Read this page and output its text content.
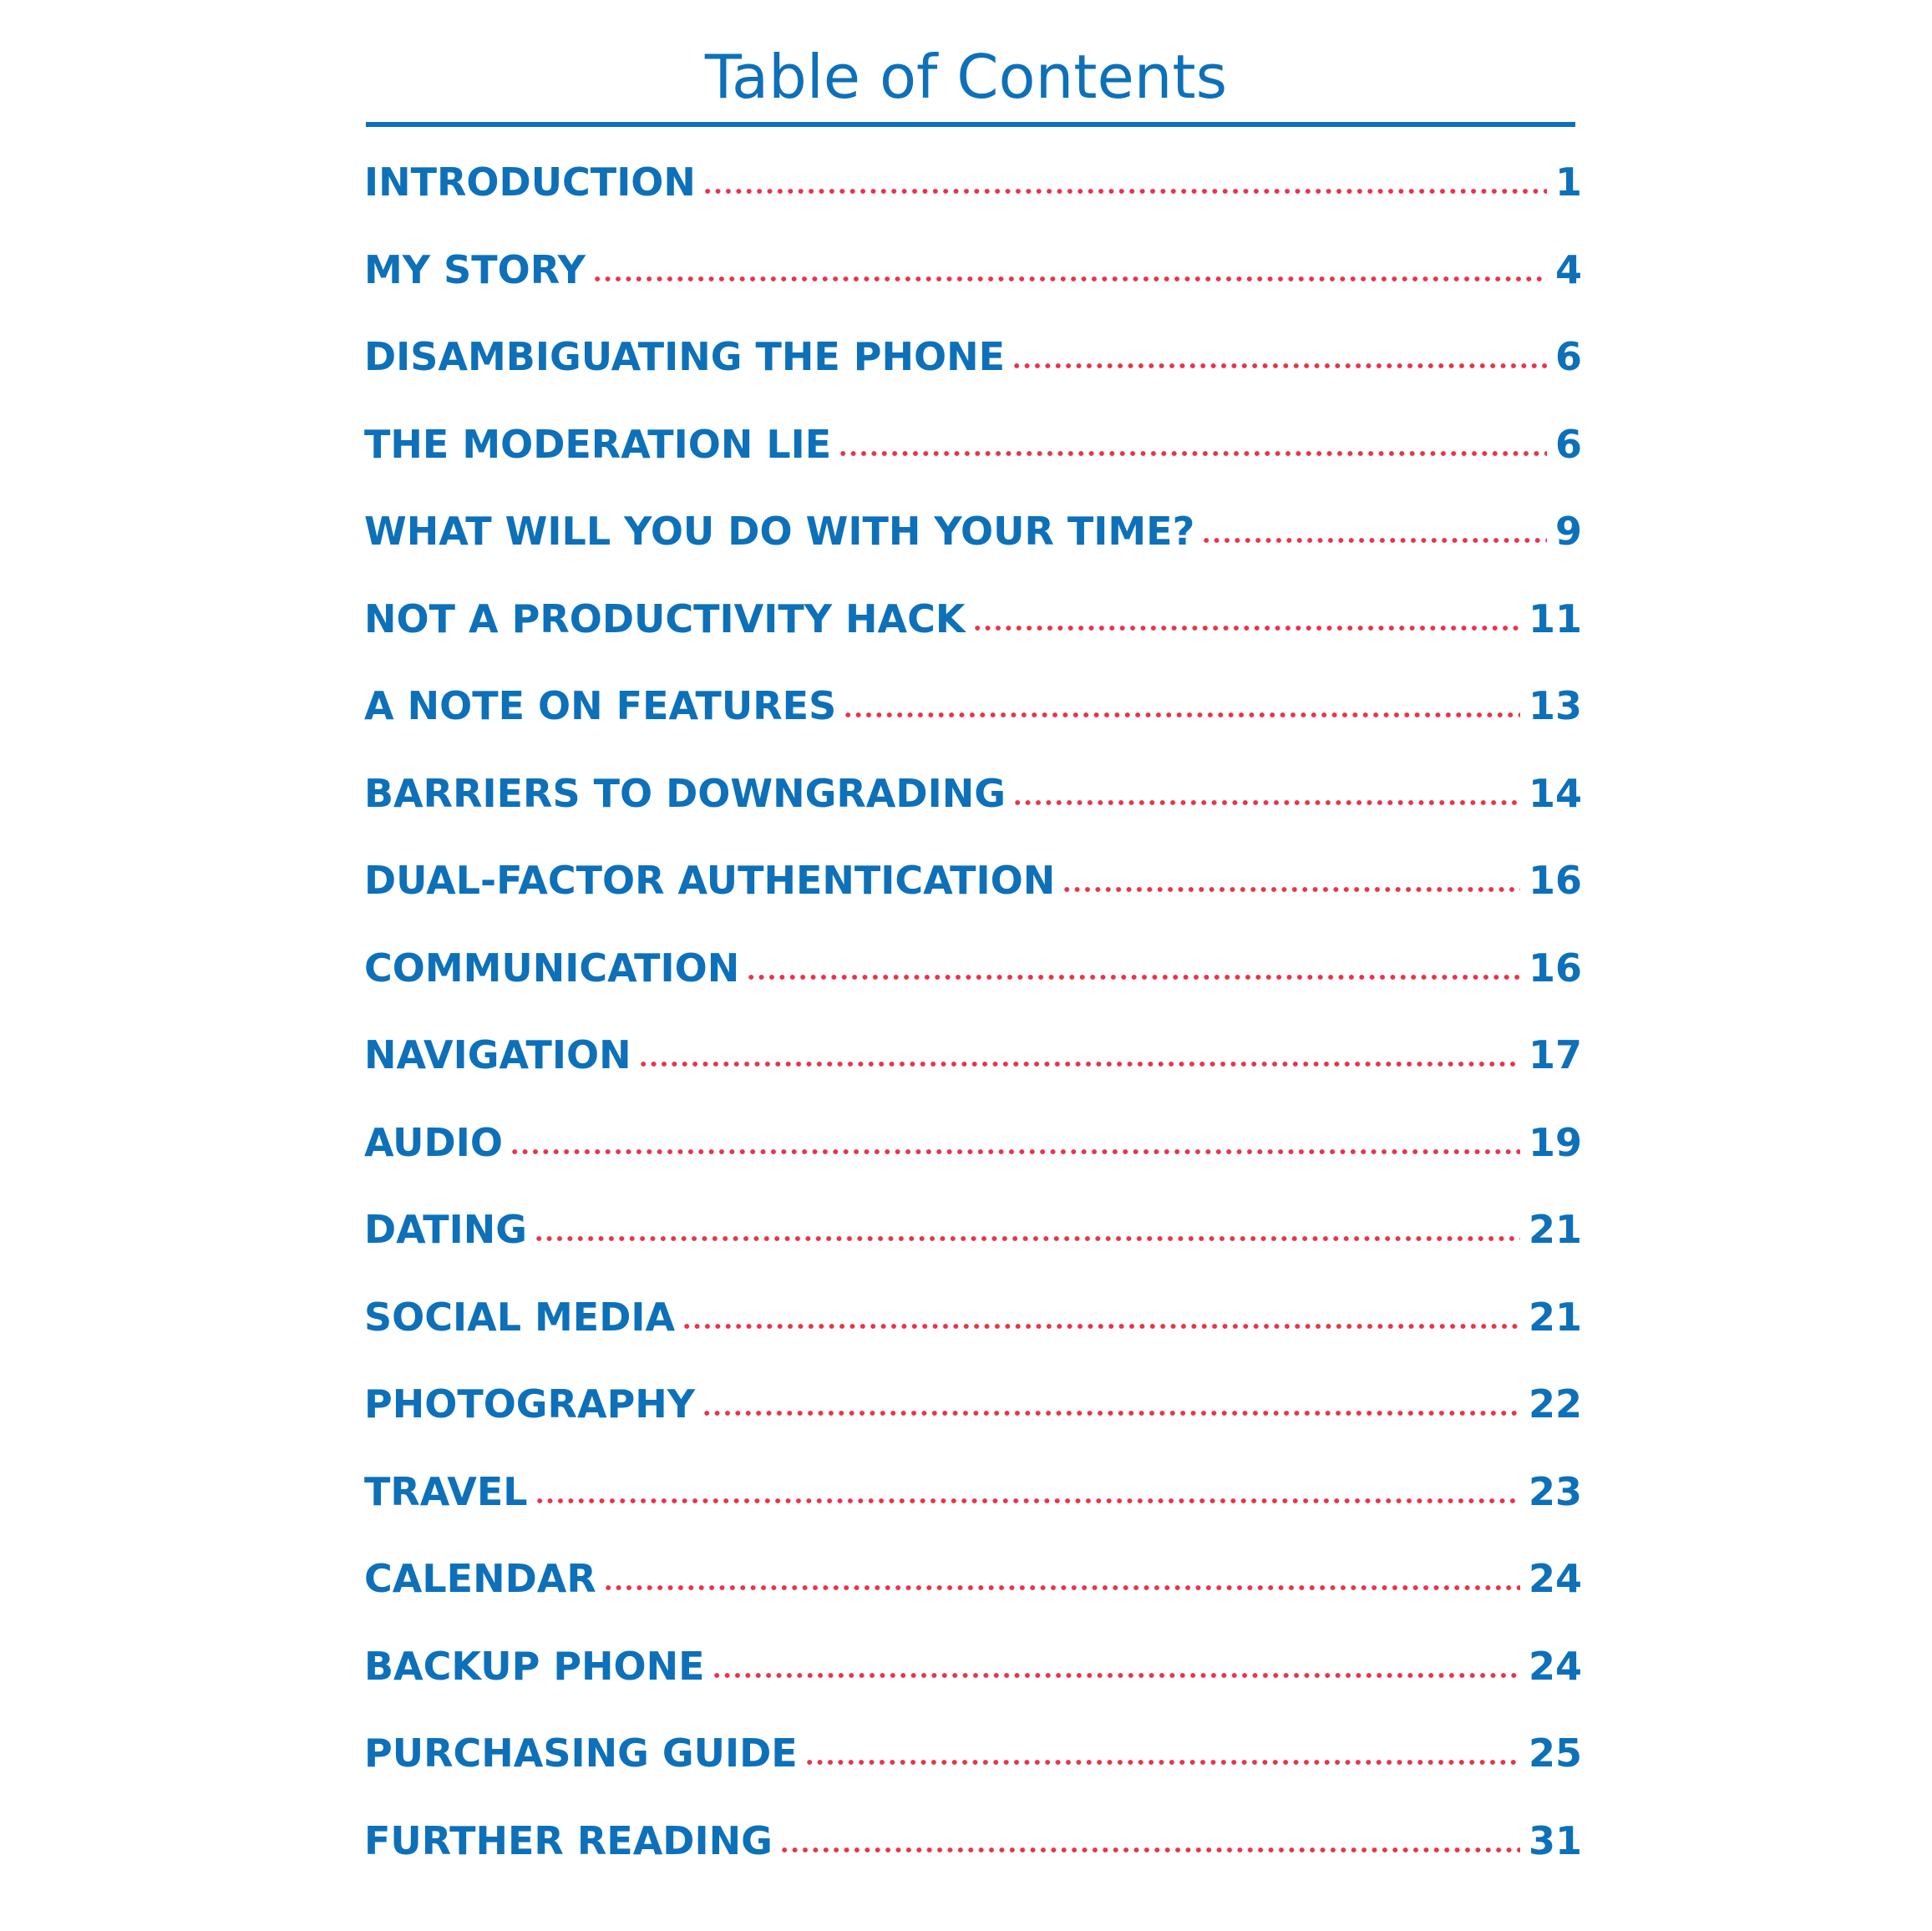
Table of Contents
INTRODUCTION	1
MY STORY	4
DISAMBIGUATING THE PHONE	6
THE MODERATION LIE	6
WHAT WILL YOU DO WITH YOUR TIME?	9
NOT A PRODUCTIVITY HACK	11
A NOTE ON FEATURES	13
BARRIERS TO DOWNGRADING	14
DUAL-FACTOR AUTHENTICATION	16
COMMUNICATION	16
NAVIGATION	17
AUDIO	19
DATING	21
SOCIAL MEDIA	21
PHOTOGRAPHY	22
TRAVEL	23
CALENDAR	24
BACKUP PHONE	24
PURCHASING GUIDE	25
FURTHER READING	31
